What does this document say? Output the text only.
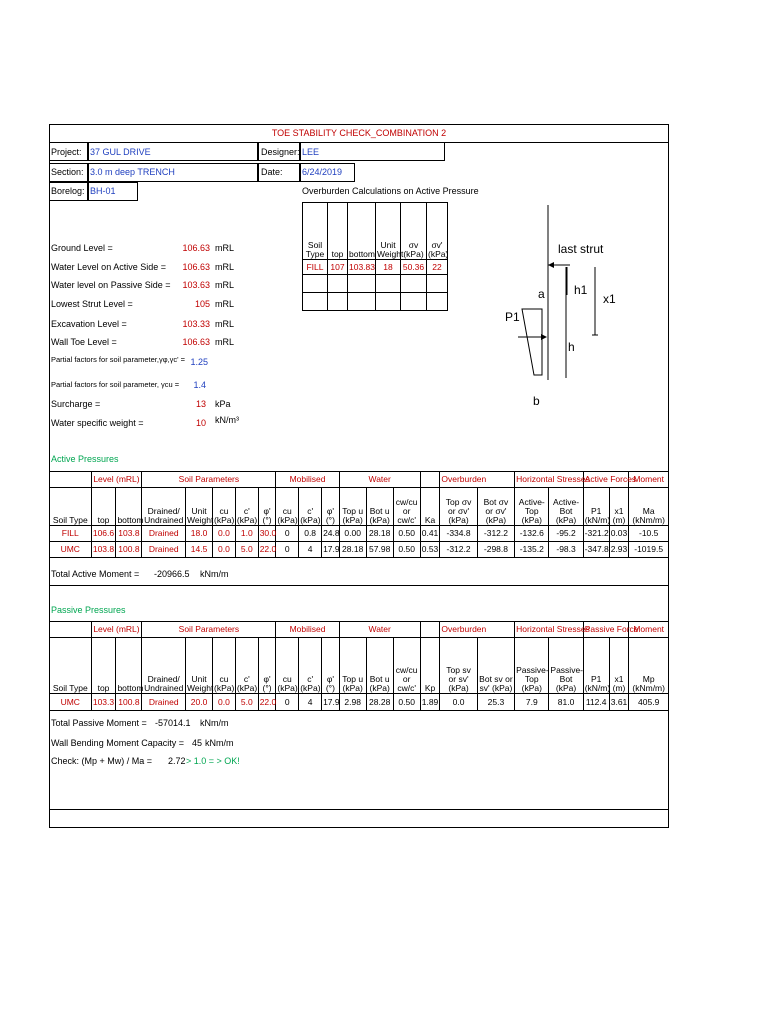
TOE STABILITY CHECK_COMBINATION 2
Project: 37 GUL DRIVE
Section: 3.0 m deep TRENCH
Borelog: BH-01
Designer: LEE
Date: 6/24/2019
Overburden Calculations on Active Pressure
Soil Type	top	bottom	Unit Weight	σv (kPa)	σv' (kPa)
FILL	107	103.83	18	50.36	22

Ground Level =	106.63 mRL
Water Level on Active Side =	106.63 mRL
Water level on Passive Side =	103.63 mRL
Lowest Strut Level =	105 mRL
Excavation Level =	103.33 mRL
Wall Toe Level =	106.63 mRL
Partial factors for soil parameter,γφ,γc' = 1.25
Partial factors for soil parameter, γcu =	1.4
Surcharge =	13 kPa
Water specific weight =	10 kN/m³
last strut
a h1
x1
P1
h
b
Active Pressures
	Level (mRL)		Soil Parameters					Mobilised			Water				Overburden		Horizontal Stresses		Active Forces		Moment
Soil Type	top	bottom	Drained/ Undrained	Unit Weight	cu (kPa)	c' (kPa)	φ' (°)	cu (kPa)	c' (kPa)	φ' (°)	Top u (kPa)	Bot u (kPa)	cw/cu or cw/c'	Ka	Top σv or σv' (kPa)	Bot σv or σv' (kPa)	Active- Top (kPa)	Active- Bot (kPa)	P1 (kN/m)	x1 (m)	Ma (kNm/m)
FILL	106.6	103.8	Drained	18.0	0.0	1.0	30.0	0	0.8	24.8	0.00	28.18	0.50	0.41	-334.8	-312.2	-132.6	-95.2	-321.2	0.03	-10.5
UMC	103.8	100.8	Drained	14.5	0.0	5.0	22.0	0	4	17.9	28.18	57.98	0.50	0.53	-312.2	-298.8	-135.2	-98.3	-347.8	2.93	-1019.5
Total Active Moment = -20966.5 kNm/m
Passive Pressures
	Level (mRL)		Soil Parameters					Mobilised			Water				Overburden		Horizontal Stresses		Passive Force		Moment
Soil Type	top	bottom	Drained/ Undrained	Unit Weight	cu (kPa)	c' (kPa)	φ' (°)	cu (kPa)	c' (kPa)	φ' (°)	Top u (kPa)	Bot u (kPa)	cw/cu or cw/c'	Kp	Top sv or sv' (kPa)	Bot sv or sv' (kPa)	Passive- Top (kPa)	Passive- Bot (kPa)	P1 (kN/m)	x1 (m)	Mp (kNm/m)
UMC	103.3	100.8	Drained	20.0	0.0	5.0	22.0	0	4	17.9	2.98	28.28	0.50	1.89	0.0	25.3	7.9	81.0	112.4	3.61	405.9
Total Passive Moment = -57014.1 kNm/m
Wall Bending Moment Capacity = 45 kNm/m
Check: (Mp + Mw) / Ma = 2.72 > 1.0 = > OK!
